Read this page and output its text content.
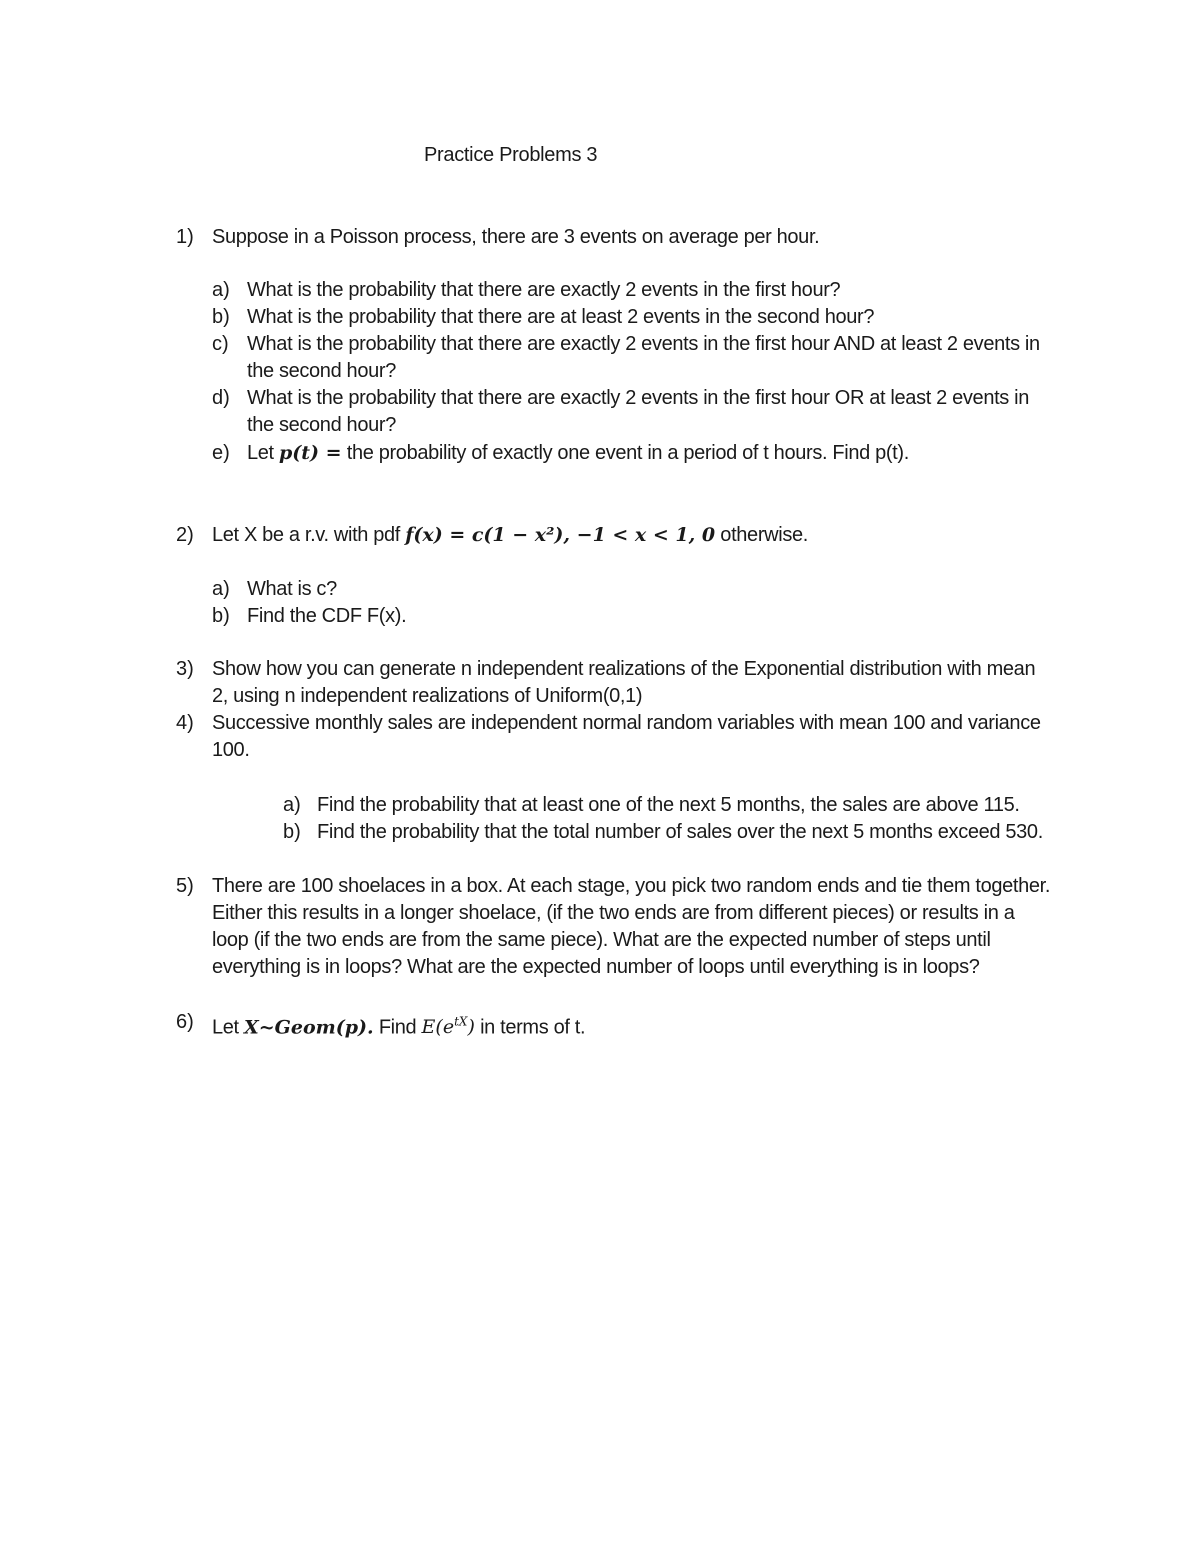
Practice Problems 3
1) Suppose in a Poisson process, there are 3 events on average per hour.
a) What is the probability that there are exactly 2 events in the first hour?
b) What is the probability that there are at least 2 events in the second hour?
c) What is the probability that there are exactly 2 events in the first hour AND at least 2 events in
the second hour?
d) What is the probability that there are exactly 2 events in the first hour OR at least 2 events in
the second hour?
e) Let p(t) = the probability of exactly one event in a period of t hours. Find p(t).
2) Let X be a r.v. with pdf f(x) = c(1 − x²), −1 < x < 1, 0 otherwise.
a) What is c?
b) Find the CDF F(x).
3) Show how you can generate n independent realizations of the Exponential distribution with mean
2, using n independent realizations of Uniform(0,1)
4) Successive monthly sales are independent normal random variables with mean 100 and variance
100.
a) Find the probability that at least one of the next 5 months, the sales are above 115.
b) Find the probability that the total number of sales over the next 5 months exceed 530.
5) There are 100 shoelaces in a box. At each stage, you pick two random ends and tie them together.
Either this results in a longer shoelace, (if the two ends are from different pieces) or results in a
loop (if the two ends are from the same piece). What are the expected number of steps until
everything is in loops? What are the expected number of loops until everything is in loops?
6) Let X~Geom(p). Find $E(e^{tX})$ in terms of t.
